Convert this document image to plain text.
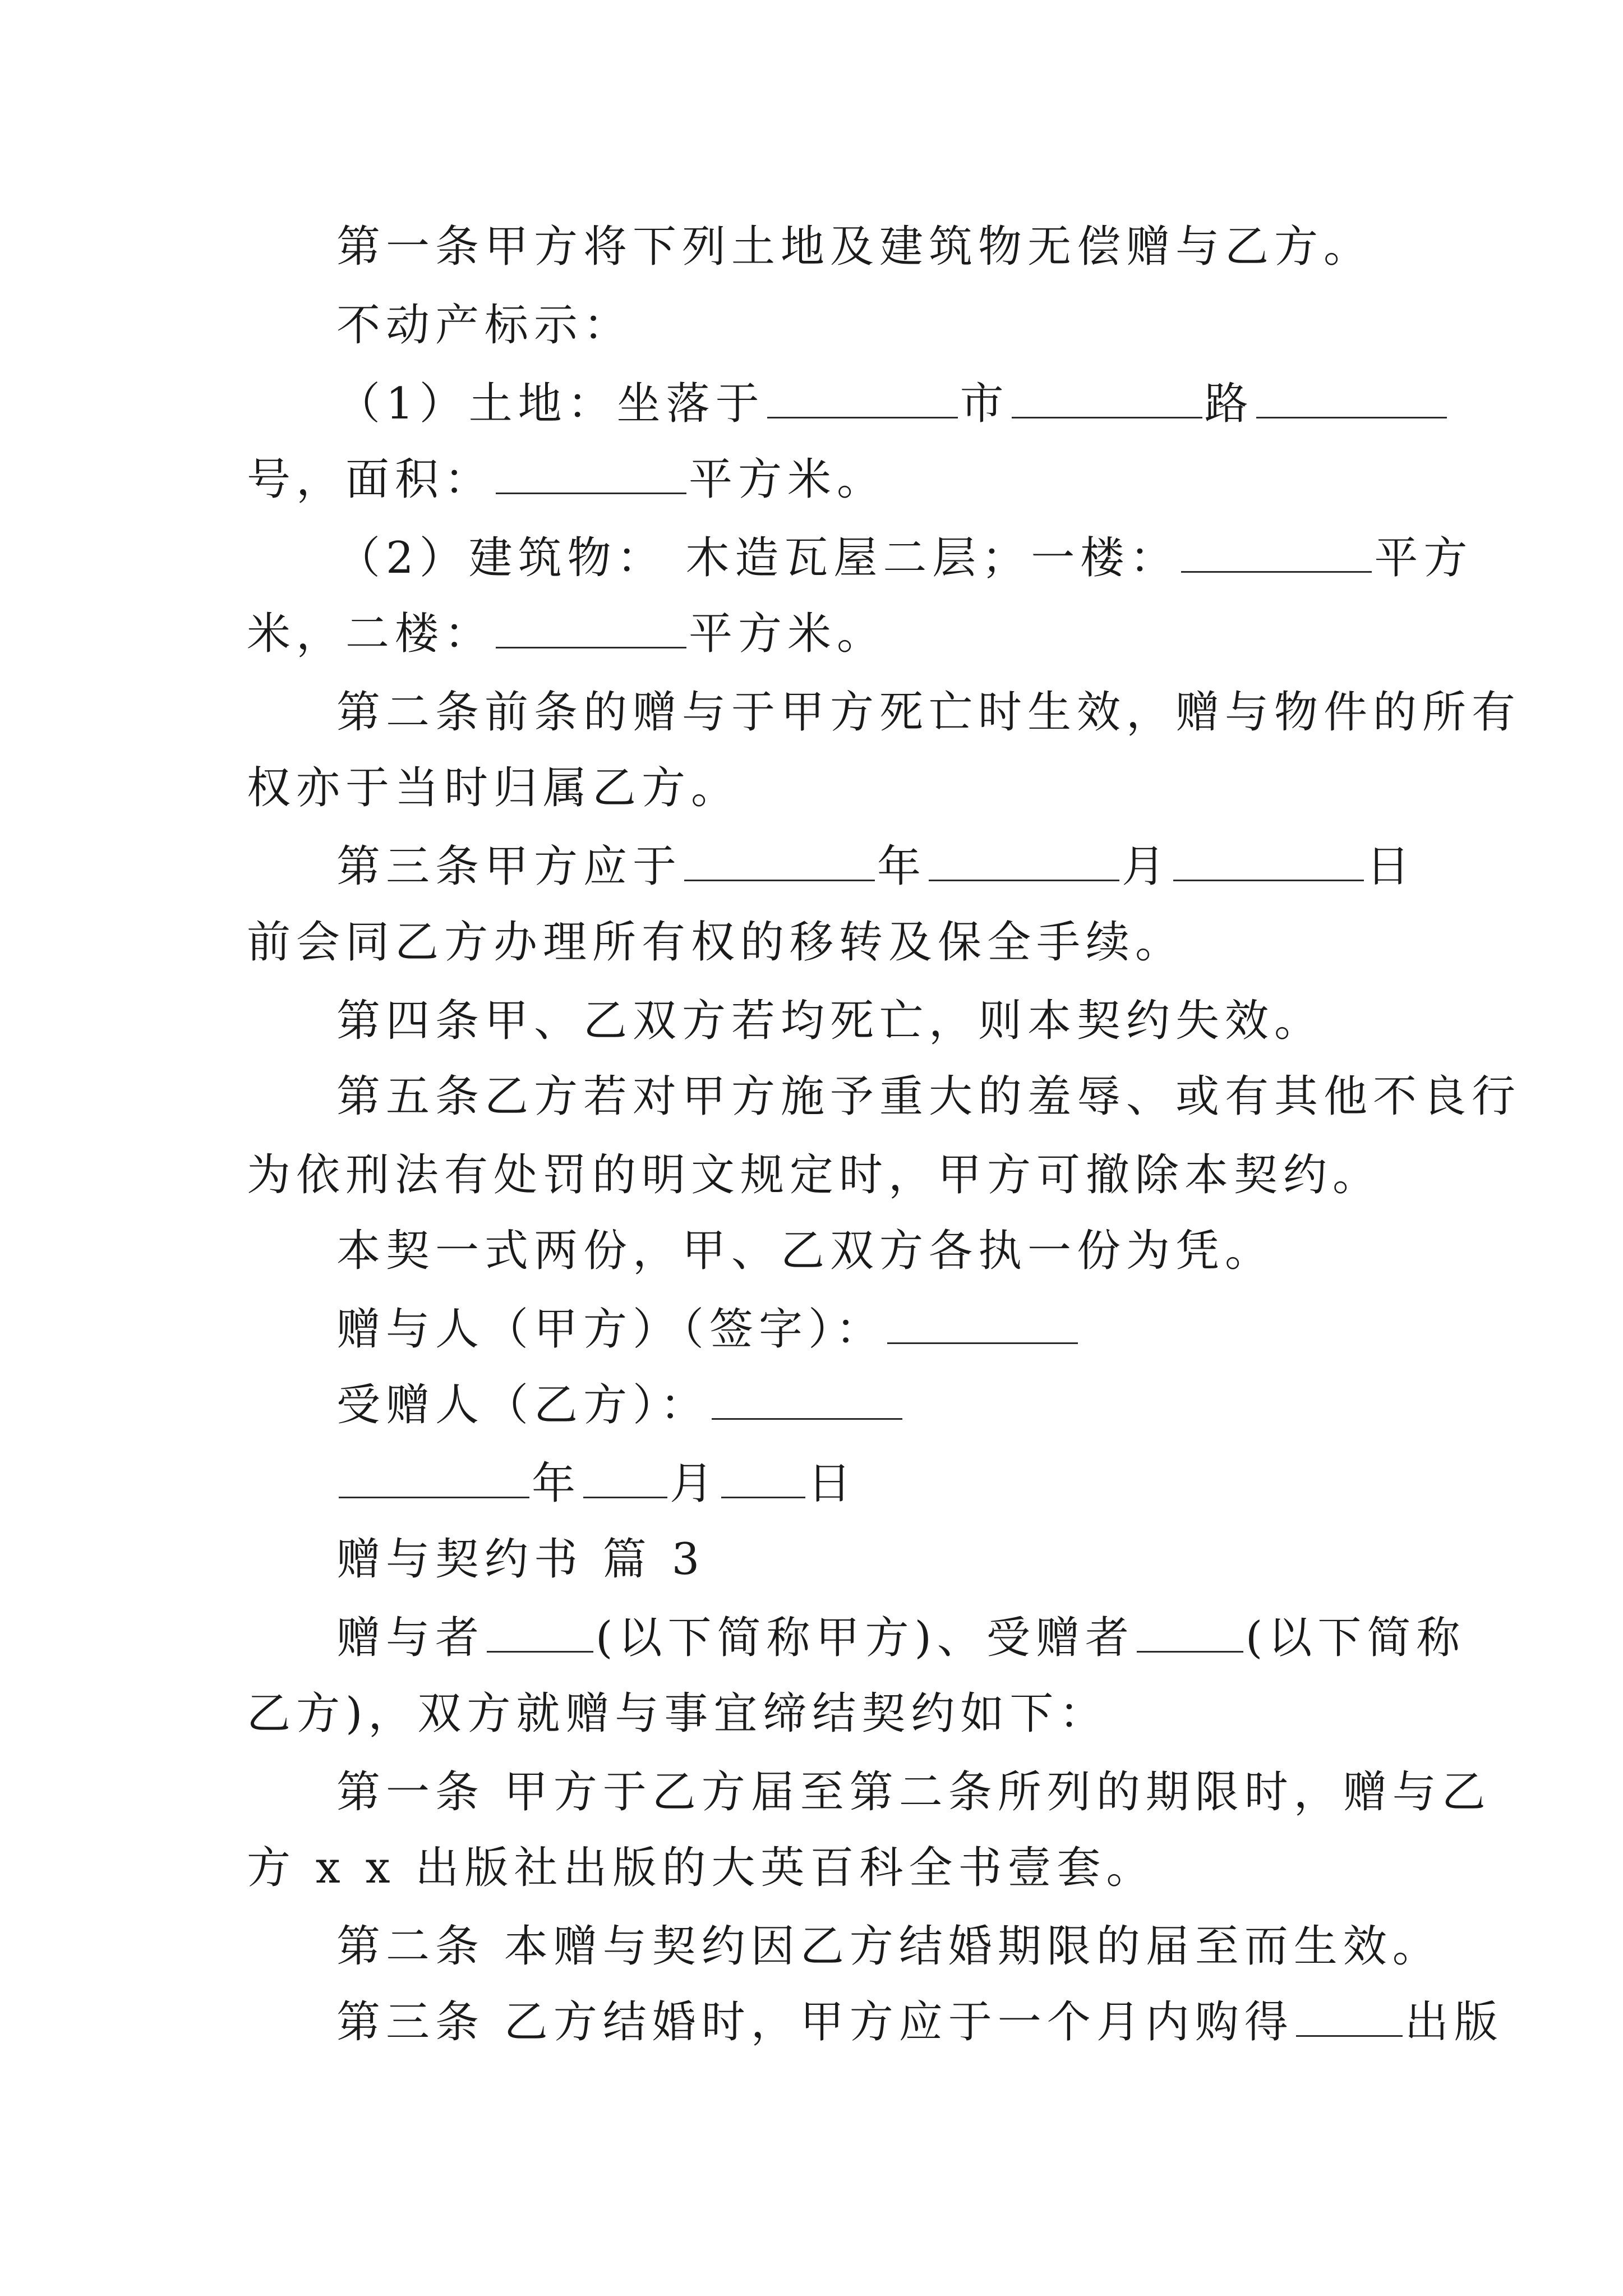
第一条甲方将下列土地及建筑物无偿赠与乙方。
不动产标示：
（1）土地：坐落于	市	路
号，面积：	平方米。
（2）建筑物： 木造瓦屋二层；一楼：	平方
米，二楼：	平方米。
第二条前条的赠与于甲方死亡时生效，赠与物件的所有
权亦于当时归属乙方。
第三条甲方应于	年	月	日
前会同乙方办理所有权的移转及保全手续。
第四条甲、乙双方若均死亡，则本契约失效。
第五条乙方若对甲方施予重大的羞辱、或有其他不良行
为依刑法有处罚的明文规定时，甲方可撤除本契约。
本契一式两份，甲、乙双方各执一份为凭。
赠与人（甲方）（签字）：
受赠人（乙方）：
年 月 日
赠与契约书 篇 3
赠与者	(以下简称甲方)、受赠者	(以下简称
乙方)，双方就赠与事宜缔结契约如下：
第一条 甲方于乙方届至第二条所列的期限时，赠与乙
方 x x 出版社出版的大英百科全书壹套。
第二条 本赠与契约因乙方结婚期限的届至而生效。
第三条 乙方结婚时，甲方应于一个月内购得	出版
